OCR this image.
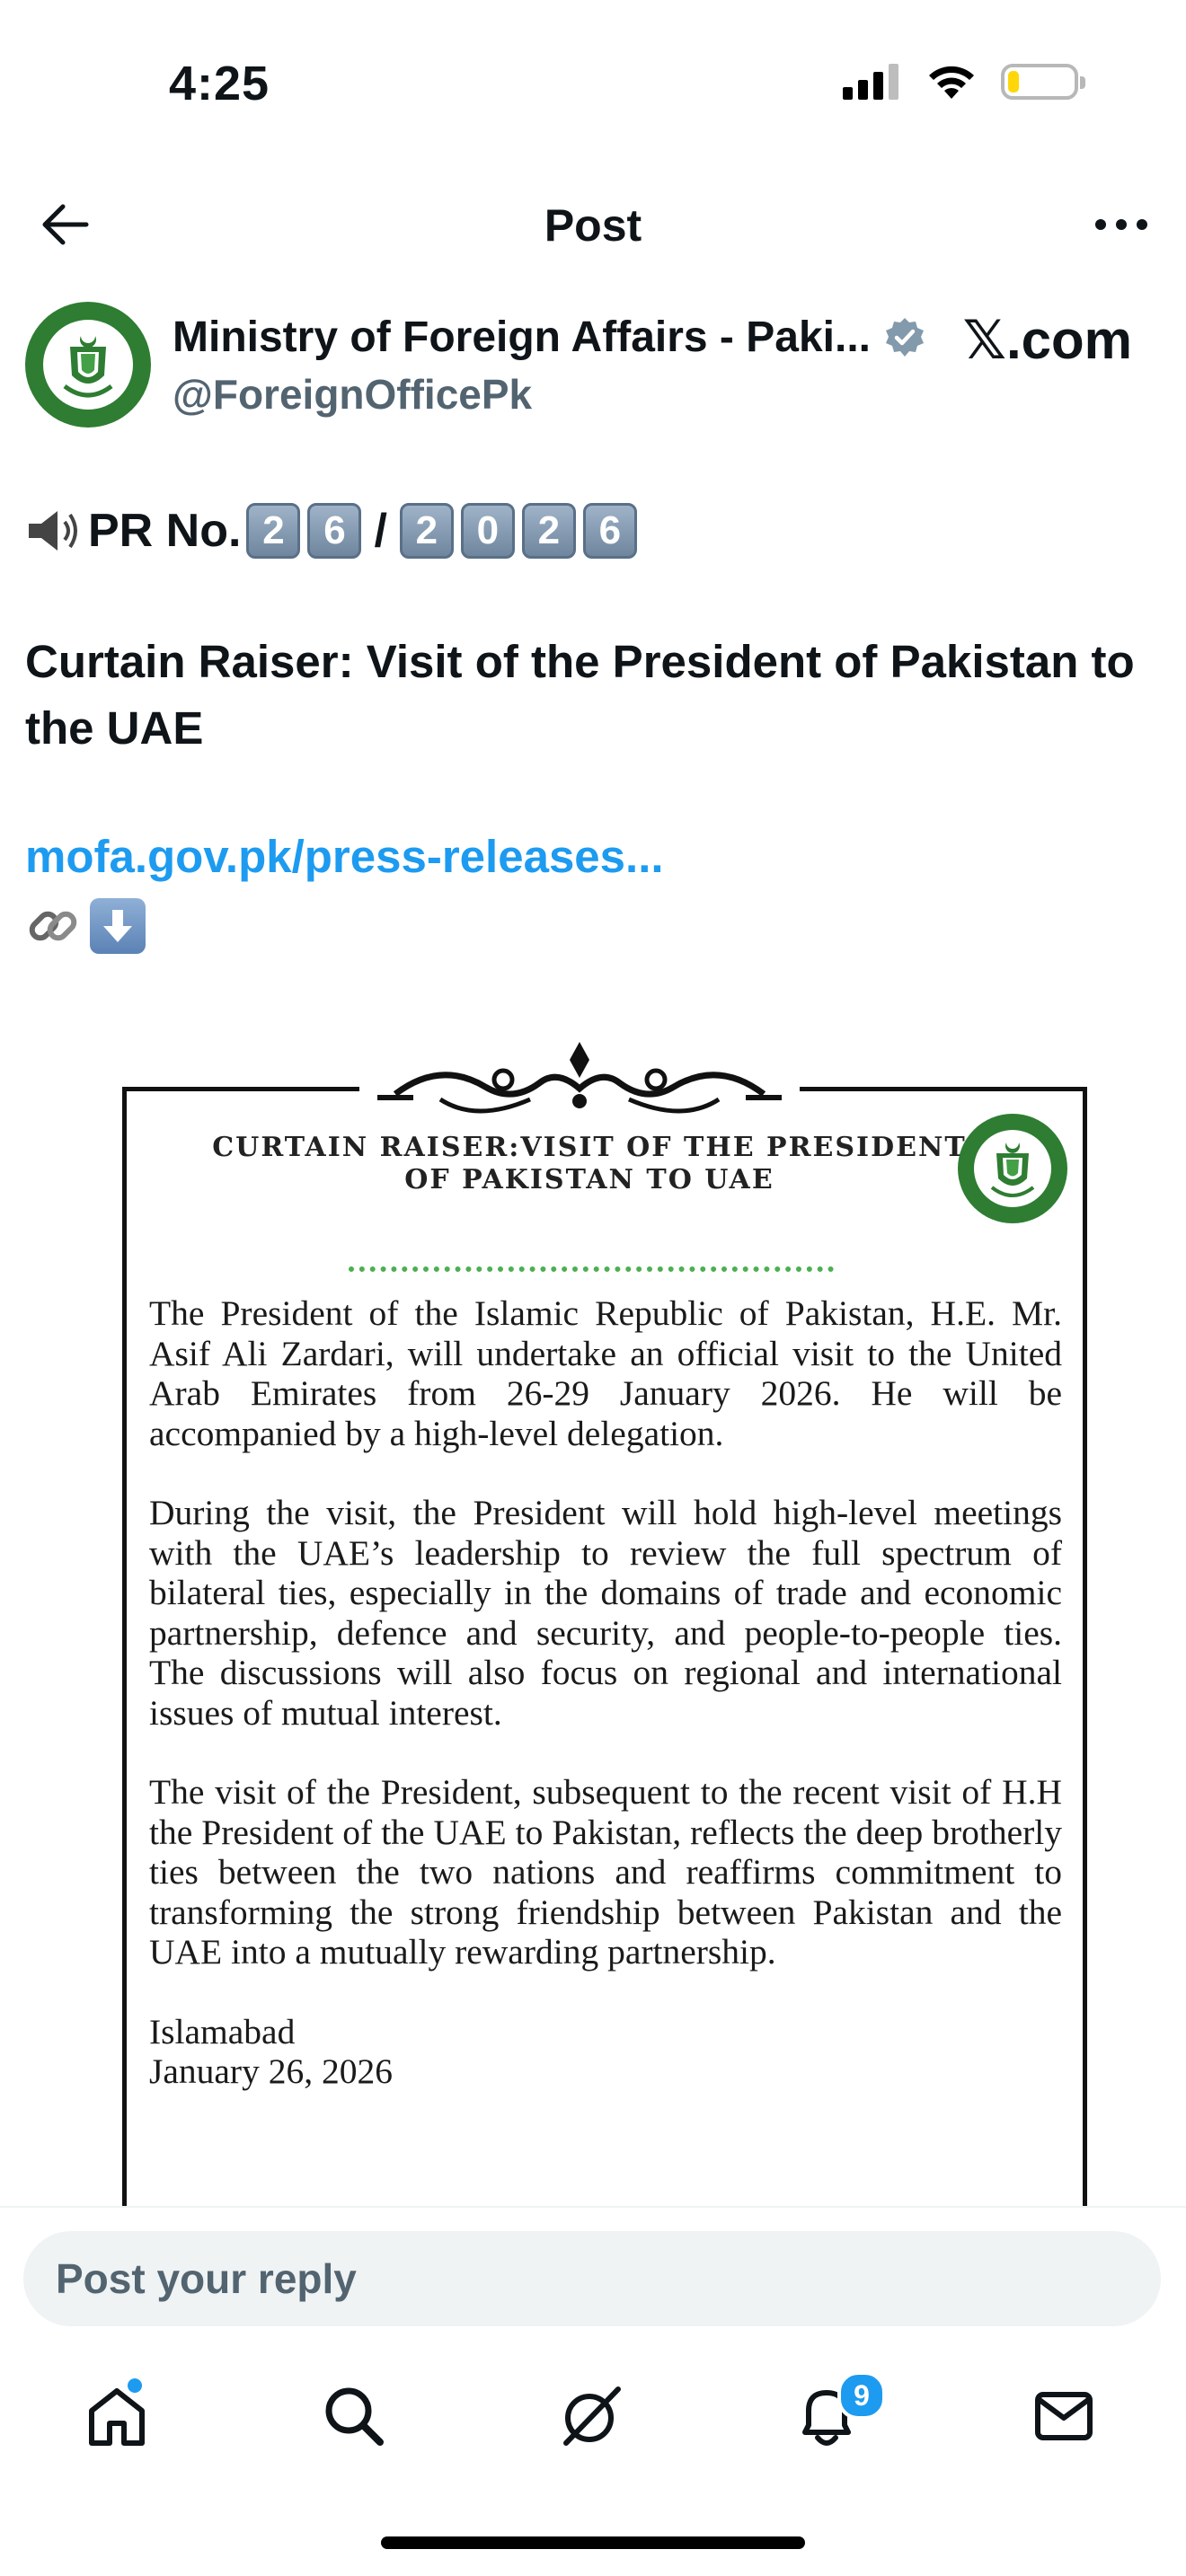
4:25
Post
Ministry of Foreign Affairs - Paki...
@ForeignOfficePk
𝕏.com
PR No. 2 6 / 2 0 2 6
Curtain Raiser: Visit of the President of Pakistan to the UAE
mofa.gov.pk/press-releases...
CURTAIN RAISER:VISIT OF THE PRESIDENT OF PAKISTAN TO UAE

The President of the Islamic Republic of Pakistan, H.E. Mr. Asif Ali Zardari, will undertake an official visit to the United Arab Emirates from 26-29 January 2026. He will be accompanied by a high-level delegation.

During the visit, the President will hold high-level meetings with the UAE’s leadership to review the full spectrum of bilateral ties, especially in the domains of trade and economic partnership, defence and security, and people-to-people ties. The discussions will also focus on regional and international issues of mutual interest.

The visit of the President, subsequent to the recent visit of H.H the President of the UAE to Pakistan, reflects the deep brotherly ties between the two nations and reaffirms commitment to transforming the strong friendship between Pakistan and the UAE into a mutually rewarding partnership.

Islamabad
January 26, 2026
Post your reply
9
